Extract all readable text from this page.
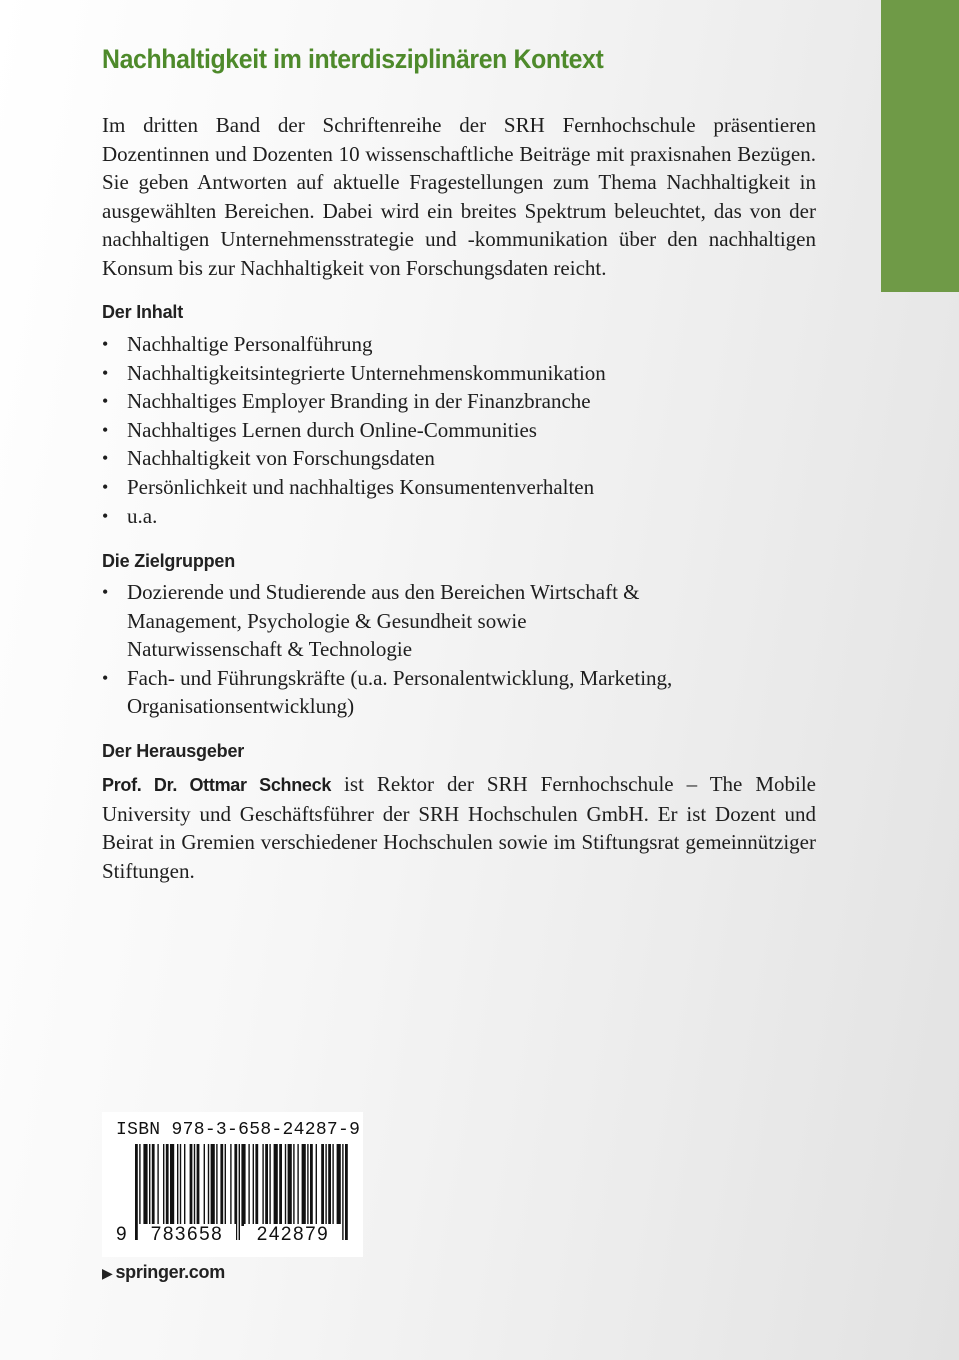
Nachhaltigkeit im interdisziplinären Kontext

Im dritten Band der Schriftenreihe der SRH Fernhochschule präsentieren Dozentinnen und Dozenten 10 wissenschaftliche Beiträge mit praxisnahen Bezügen. Sie geben Antworten auf aktuelle Fragestellungen zum Thema Nachhaltigkeit in ausgewählten Bereichen. Dabei wird ein breites Spektrum beleuchtet, das von der nachhaltigen Unternehmensstrategie und -kommunikation über den nachhaltigen Konsum bis zur Nachhaltigkeit von Forschungsdaten reicht.

Der Inhalt
• Nachhaltige Personalführung
• Nachhaltigkeitsintegrierte Unternehmenskommunikation
• Nachhaltiges Employer Branding in der Finanzbranche
• Nachhaltiges Lernen durch Online-Communities
• Nachhaltigkeit von Forschungsdaten
• Persönlichkeit und nachhaltiges Konsumentenverhalten
• u.a.
Die Zielgruppen
• Dozierende und Studierende aus den Bereichen Wirtschaft & Management, Psychologie & Gesundheit sowie Naturwissenschaft & Technologie
• Fach- und Führungskräfte (u.a. Personalentwicklung, Marketing, Organisationsentwicklung)
Der Herausgeber

Prof. Dr. Ottmar Schneck ist Rektor der SRH Fernhochschule – The Mobile University und Geschäftsführer der SRH Hochschulen GmbH. Er ist Dozent und Beirat in Gremien verschiedener Hochschulen sowie im Stiftungsrat gemeinnütziger Stiftungen.

ISBN 978-3-658-24287-9
9	783658	242879
▶ springer.com
